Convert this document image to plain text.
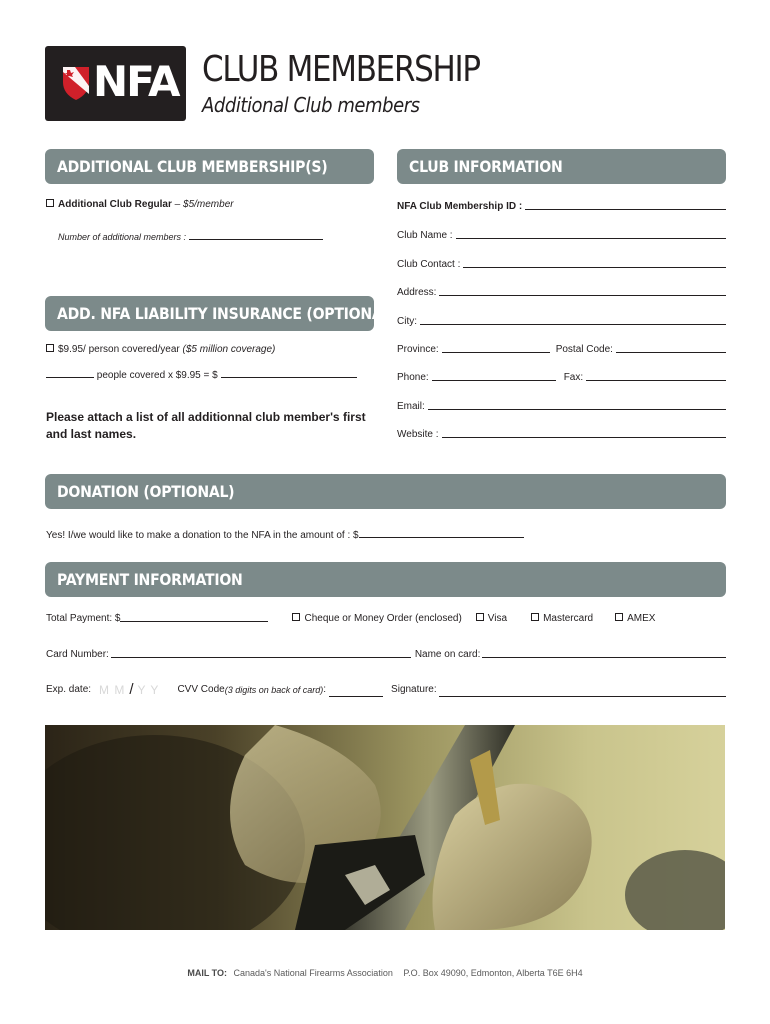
NFA CLUB MEMBERSHIP
Additional Club members
ADDITIONAL CLUB MEMBERSHIP(S)
Additional Club Regular – $5/member
Number of additional members :
ADD. NFA LIABILITY INSURANCE (OPTIONAL)
$9.95/ person covered/year ($5 million coverage)
people covered x $9.95 = $
Please attach a list of all additionnal club member's first and last names.
CLUB INFORMATION
NFA Club Membership ID :
Club Name :
Club Contact :
Address:
City:
Province:	Postal Code:
Phone:	Fax:
Email:
Website :
DONATION (OPTIONAL)
Yes! I/we would like to make a donation to the NFA in the amount of : $
PAYMENT INFORMATION
Total Payment: $	Cheque or Money Order (enclosed)	Visa	Mastercard	AMEX
Card Number:	Name on card:
Exp. date: M M / Y Y CVV Code (3 digits on back of card) :	Signature:
MAIL TO: Canada's National Firearms Association P.O. Box 49090, Edmonton, Alberta T6E 6H4
